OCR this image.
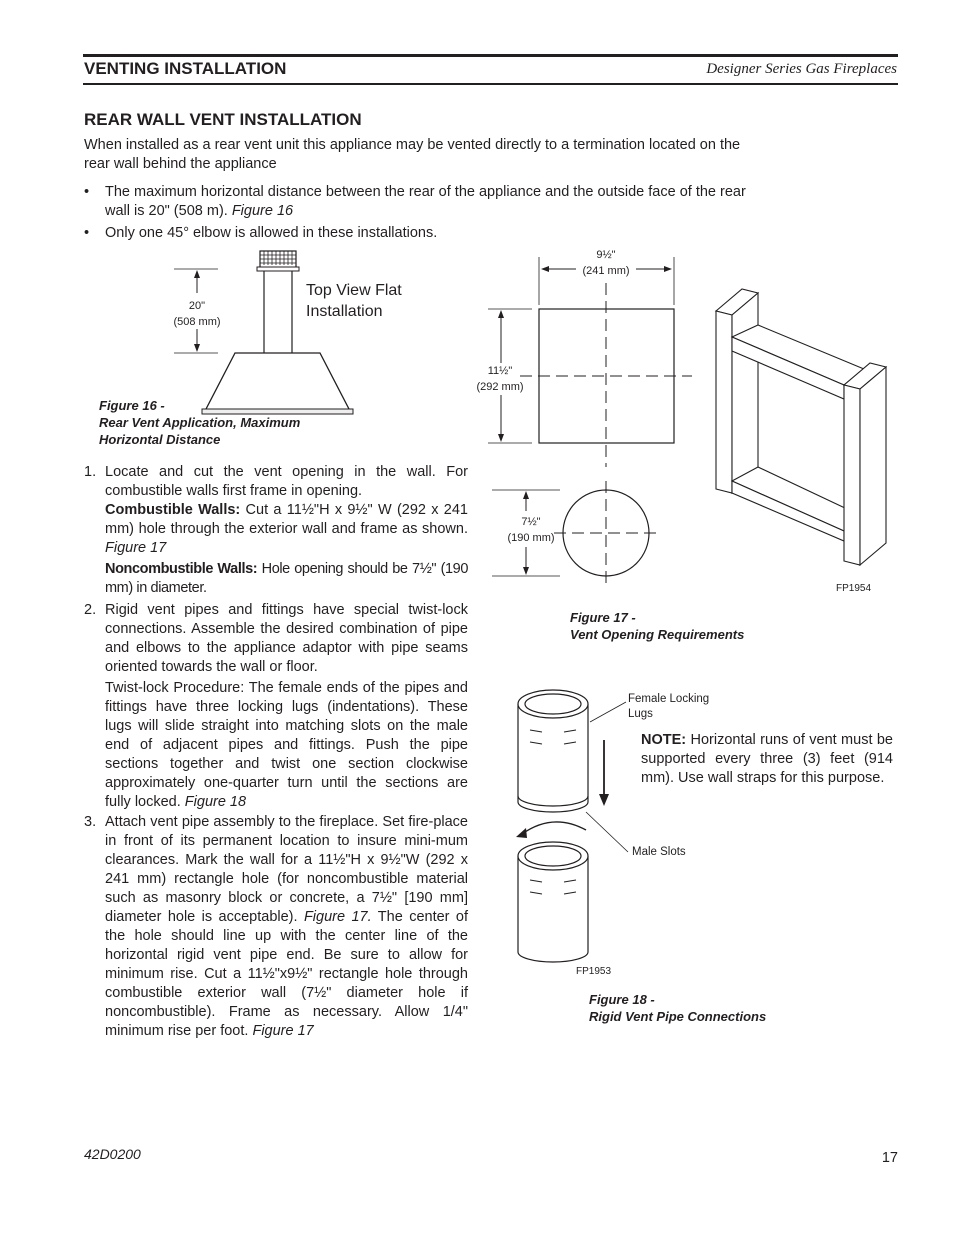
VENTING INSTALLATION	Designer Series Gas Fireplaces
REAR WALL VENT INSTALLATION
When installed as a rear vent unit this appliance may be vented directly to a termination located on the rear wall behind the appliance
• The maximum horizontal distance between the rear of the appliance and the outside face of the rear wall is 20" (508 m). Figure 16
• Only one 45° elbow is allowed in these installations.
20"
(508 mm)
Top View Flat
Installation
Figure 16 -
Rear Vent Application, Maximum
Horizontal Distance
1. Locate and cut the vent opening in the wall. For combustible walls first frame in opening.
Combustible Walls: Cut a 11½"H x 9½" W (292 x 241 mm) hole through the exterior wall and frame as shown. Figure 17
Noncombustible Walls: Hole opening should be 7½" (190 mm) in diameter.
2. Rigid vent pipes and fittings have special twist-lock connections. Assemble the desired combination of pipe and elbows to the appliance adaptor with pipe seams oriented towards the wall or floor.
Twist-lock Procedure: The female ends of the pipes and fittings have three locking lugs (indentations). These lugs will slide straight into matching slots on the male end of adjacent pipes and fittings. Push the pipe sections together and twist one section clockwise approximately one-quarter turn until the sections are fully locked. Figure 18
3. Attach vent pipe assembly to the fireplace. Set fire-place in front of its permanent location to insure mini-mum clearances. Mark the wall for a 11½"H x 9½"W (292 x 241 mm) rectangle hole (for noncombustible material such as masonry block or concrete, a 7½" [190 mm] diameter hole is acceptable). Figure 17. The center of the hole should line up with the center line of the horizontal rigid vent pipe end. Be sure to allow for minimum rise. Cut a 11½"x9½" rectangle hole through combustible exterior wall (7½" diameter hole if noncombustible). Frame as necessary. Allow 1/4" minimum rise per foot. Figure 17
9½"
(241 mm)
11½"
(292 mm)
7½"
(190 mm)
FP1954
Figure 17 -
Vent Opening Requirements
Female Locking
Lugs
Male Slots
FP1953
NOTE: Horizontal runs of vent must be supported every three (3) feet (914 mm). Use wall straps for this purpose.
Figure 18 -
Rigid Vent Pipe Connections
42D0200	17
